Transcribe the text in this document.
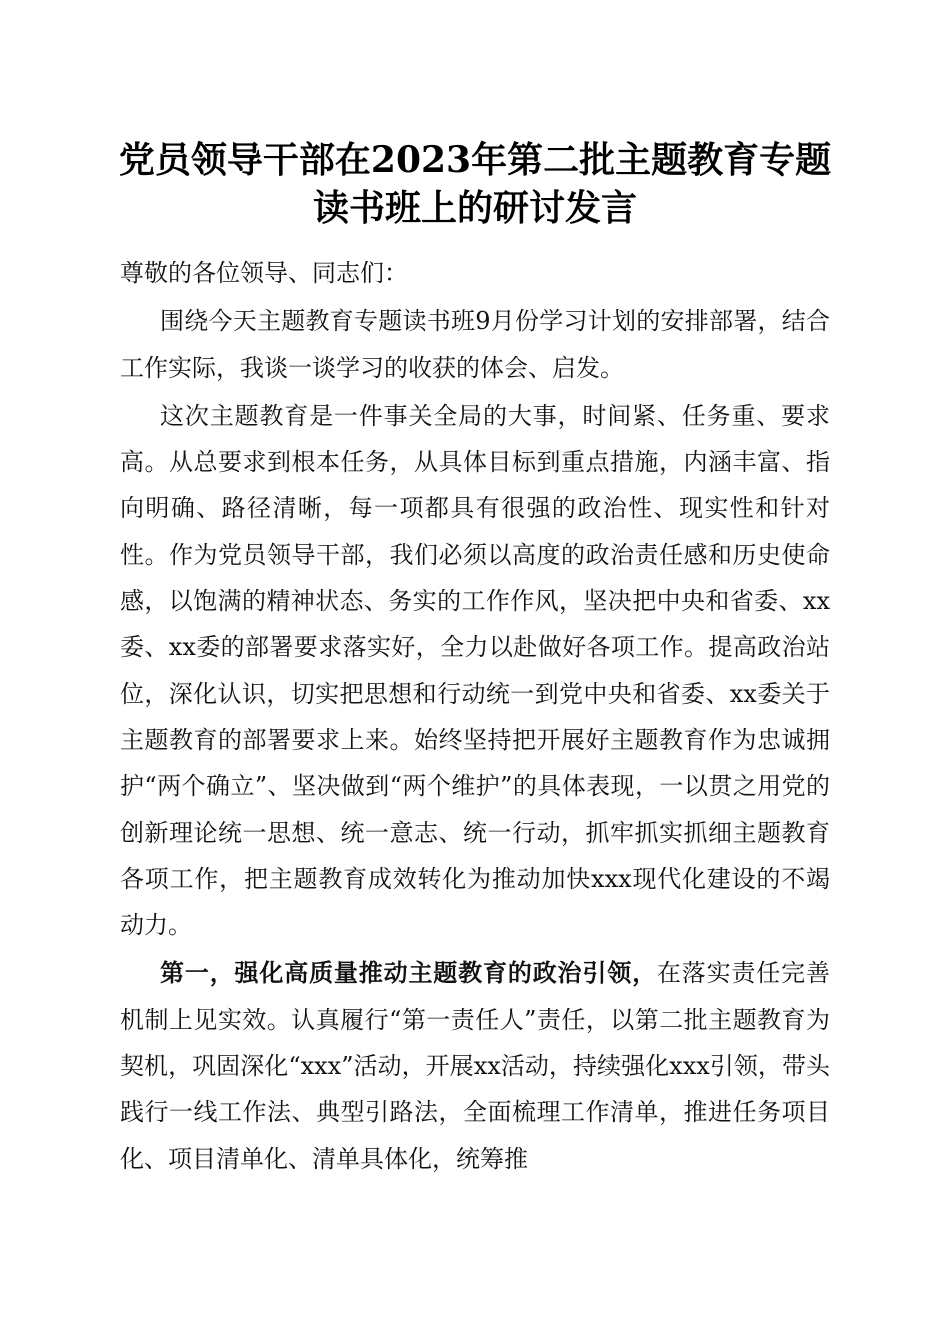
党员领导干部在2023年第二批主题教育专题
读书班上的研讨发言

尊敬的各位领导、同志们：

围绕今天主题教育专题读书班9月份学习计划的安排部署，结合工作实际，我谈一谈学习的收获的体会、启发。

这次主题教育是一件事关全局的大事，时间紧、任务重、要求高。从总要求到根本任务，从具体目标到重点措施，内涵丰富、指向明确、路径清晰，每一项都具有很强的政治性、现实性和针对性。作为党员领导干部，我们必须以高度的政治责任感和历史使命感，以饱满的精神状态、务实的工作作风，坚决把中央和省委、xx委、xx委的部署要求落实好，全力以赴做好各项工作。提高政治站位，深化认识，切实把思想和行动统一到党中央和省委、xx委关于主题教育的部署要求上来。始终坚持把开展好主题教育作为忠诚拥护“两个确立”、坚决做到“两个维护”的具体表现，一以贯之用党的创新理论统一思想、统一意志、统一行动，抓牢抓实抓细主题教育各项工作，把主题教育成效转化为推动加快xxx现代化建设的不竭动力。

第一，强化高质量推动主题教育的政治引领，在落实责任完善机制上见实效。认真履行“第一责任人”责任，以第二批主题教育为契机，巩固深化“xxx”活动，开展xx活动，持续强化xxx引领，带头践行一线工作法、典型引路法，全面梳理工作清单，推进任务项目化、项目清单化、清单具体化，统筹推
